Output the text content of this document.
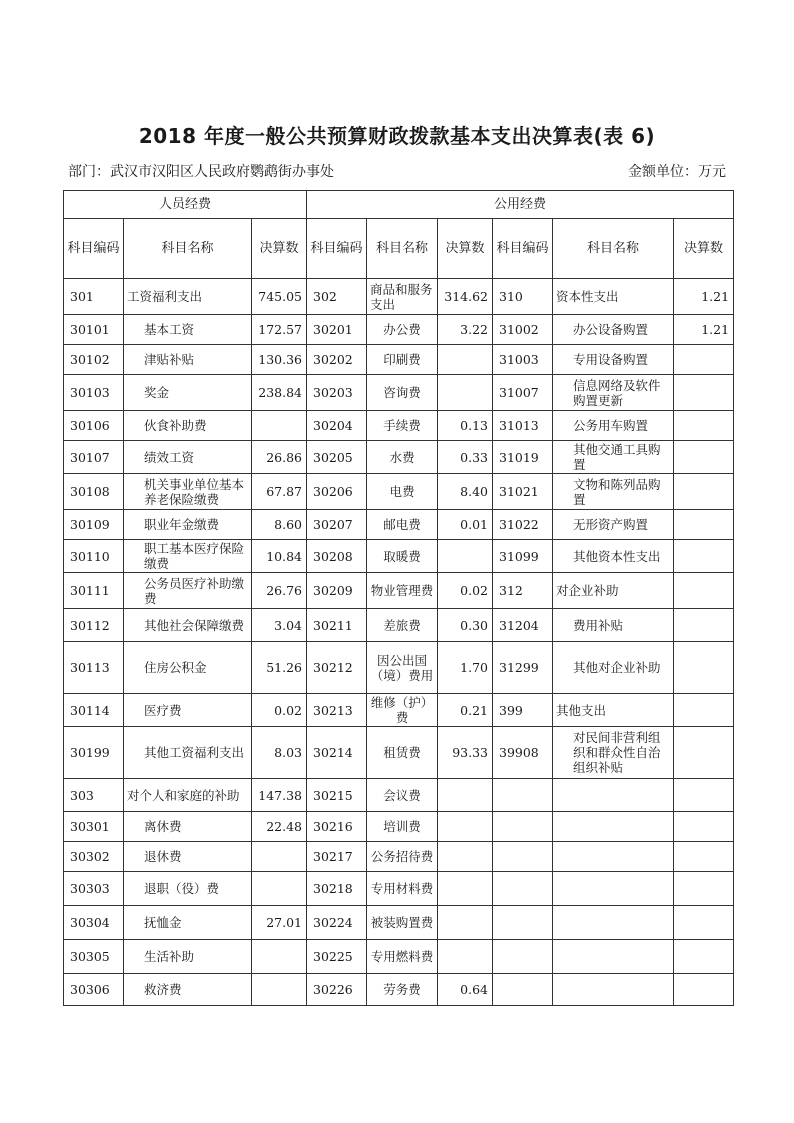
2018 年度一般公共预算财政拨款基本支出决算表(表 6)
部门：武汉市汉阳区人民政府鹦鹉街办事处	金额单位：万元
人员经费			公用经费					
科目编码	科目名称	决算数	科目编码	科目名称	决算数	科目编码	科目名称	决算数
301	工资福利支出	745.05	302	商品和服务支出	314.62	310	资本性支出	1.21
30101	基本工资	172.57	30201	办公费	3.22	31002	办公设备购置	1.21
30102	津贴补贴	130.36	30202	印刷费		31003	专用设备购置	
30103	奖金	238.84	30203	咨询费		31007	信息网络及软件购置更新	
30106	伙食补助费		30204	手续费	0.13	31013	公务用车购置	
30107	绩效工资	26.86	30205	水费	0.33	31019	其他交通工具购置	
30108	机关事业单位基本养老保险缴费	67.87	30206	电费	8.40	31021	文物和陈列品购置	
30109	职业年金缴费	8.60	30207	邮电费	0.01	31022	无形资产购置	
30110	职工基本医疗保险缴费	10.84	30208	取暖费		31099	其他资本性支出	
30111	公务员医疗补助缴费	26.76	30209	物业管理费	0.02	312	对企业补助	
30112	其他社会保障缴费	3.04	30211	差旅费	0.30	31204	费用补贴	
30113	住房公积金	51.26	30212	因公出国（境）费用	1.70	31299	其他对企业补助	
30114	医疗费	0.02	30213	维修（护）费	0.21	399	其他支出	
30199	其他工资福利支出	8.03	30214	租赁费	93.33	39908	对民间非营利组织和群众性自治组织补贴	
303	对个人和家庭的补助	147.38	30215	会议费				
30301	离休费	22.48	30216	培训费				
30302	退休费		30217	公务招待费				
30303	退职（役）费		30218	专用材料费				
30304	抚恤金	27.01	30224	被装购置费				
30305	生活补助		30225	专用燃料费				
30306	救济费		30226	劳务费	0.64			
